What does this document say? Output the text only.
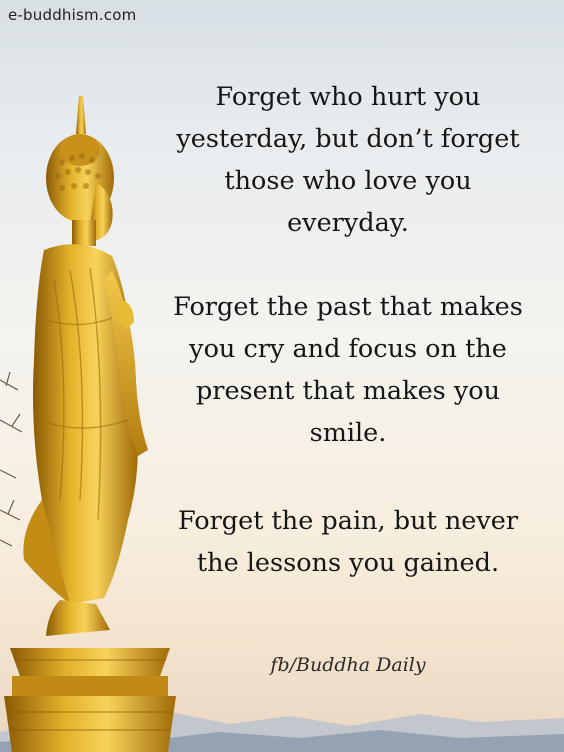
e-buddhism.com
Forget who hurt you
yesterday, but don’t forget
those who love you
everyday.
Forget the past that makes
you cry and focus on the
present that makes you
smile.
Forget the pain, but never
the lessons you gained.
fb/Buddha Daily
